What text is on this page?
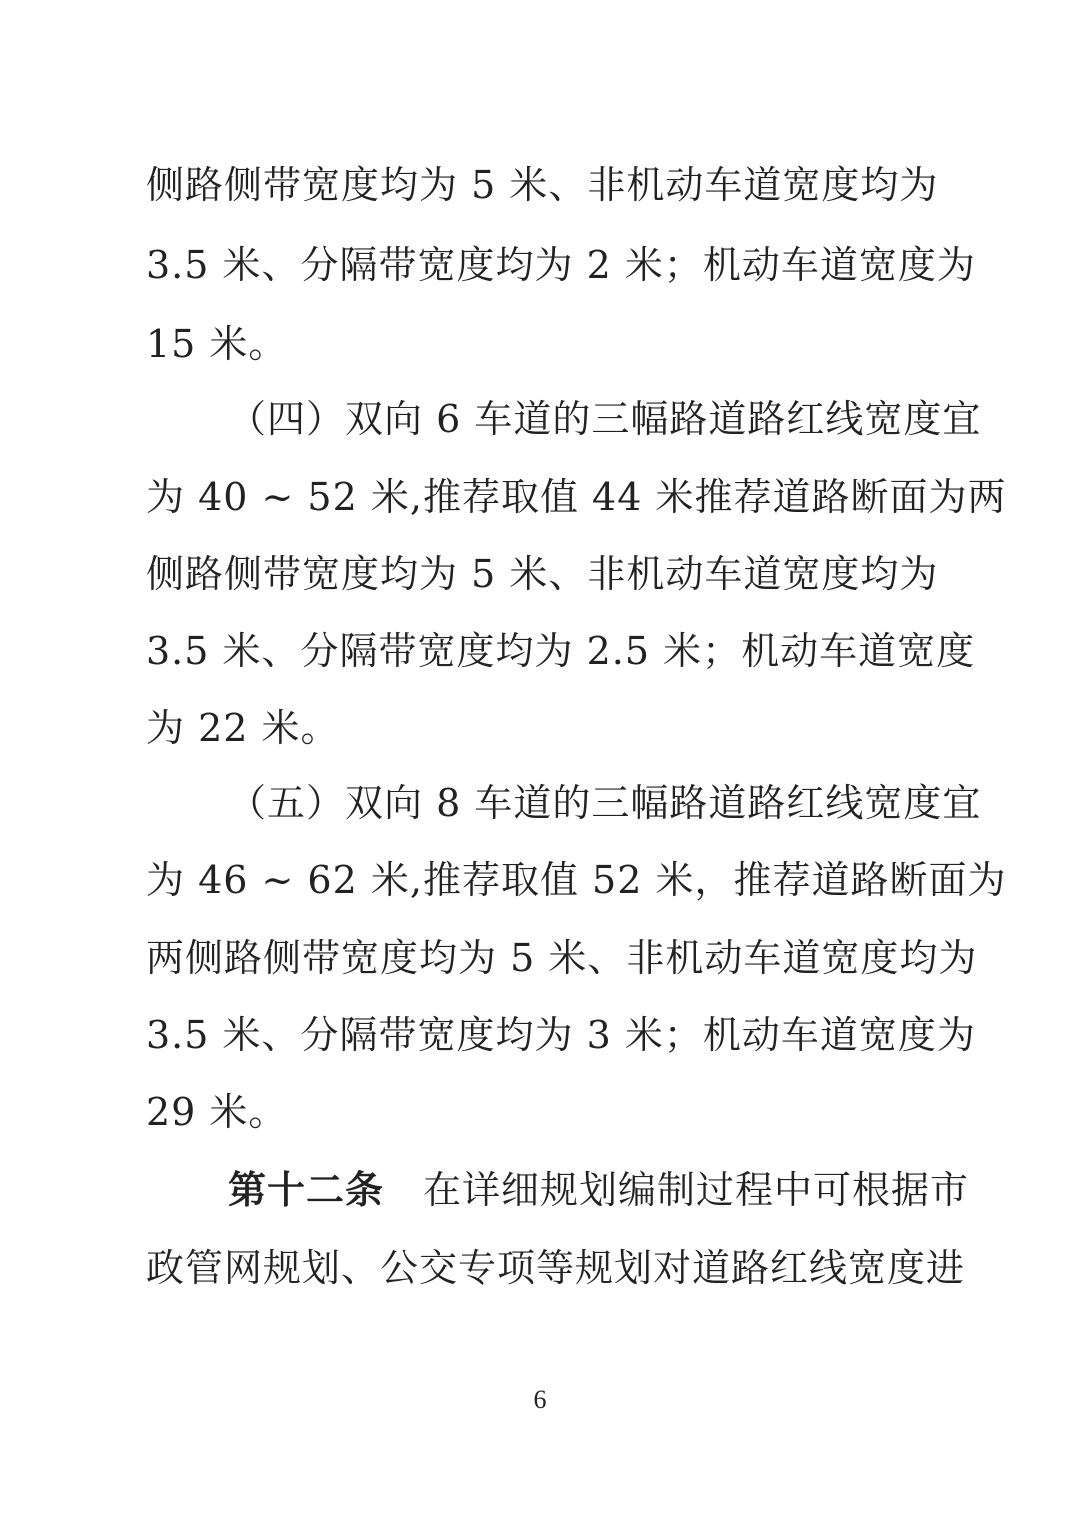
侧路侧带宽度均为 5 米、非机动车道宽度均为
3.5 米、分隔带宽度均为 2 米；机动车道宽度为
15 米。
（四）双向 6 车道的三幅路道路红线宽度宜
为 40 ~ 52 米,推荐取值 44 米推荐道路断面为两
侧路侧带宽度均为 5 米、非机动车道宽度均为
3.5 米、分隔带宽度均为 2.5 米；机动车道宽度
为 22 米。
（五）双向 8 车道的三幅路道路红线宽度宜
为 46 ~ 62 米,推荐取值 52 米，推荐道路断面为
两侧路侧带宽度均为 5 米、非机动车道宽度均为
3.5 米、分隔带宽度均为 3 米；机动车道宽度为
29 米。
第十二条  在详细规划编制过程中可根据市
政管网规划、公交专项等规划对道路红线宽度进
6
